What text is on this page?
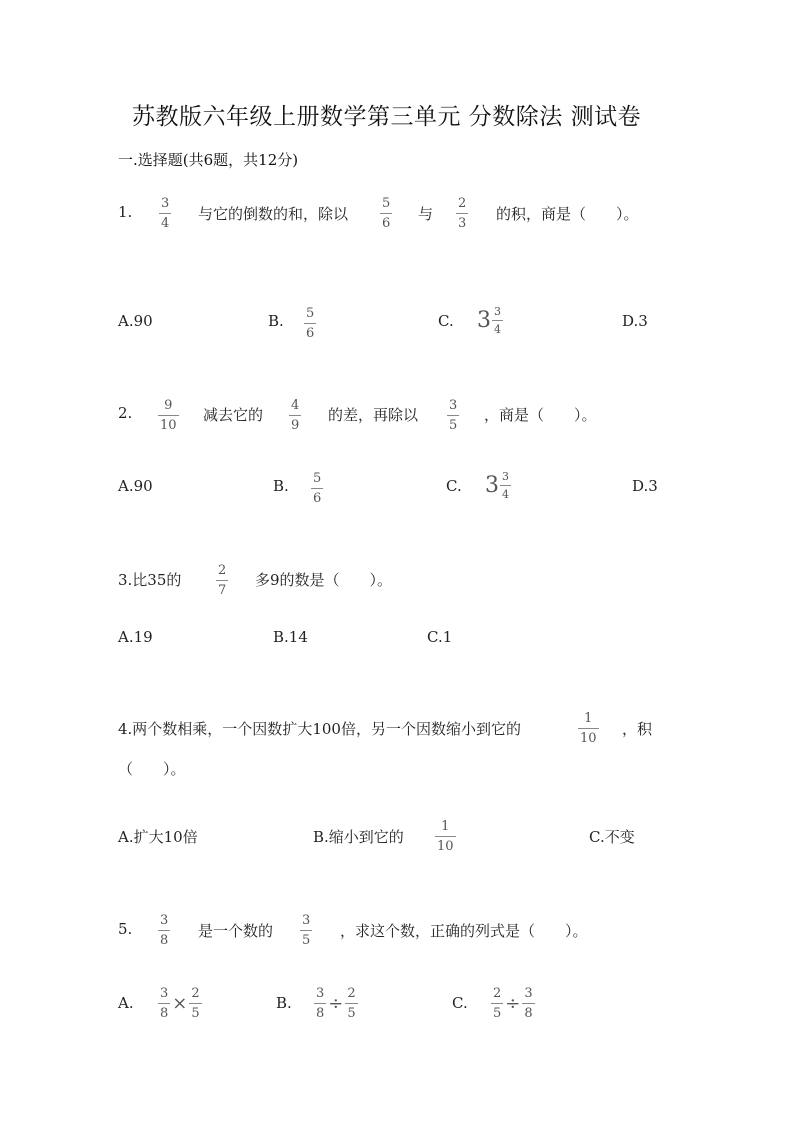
苏教版六年级上册数学第三单元 分数除法 测试卷
一.选择题(共6题，共12分)
1. 3
4
与它的倒数的和，除以
5
6
与
2
3
的积，商是（　　）。
A.90	B. 5
6
C. $3 \frac{3}{4}$	D.3
2. 9
10
减去它的
4
9
的差，再除以
3
5
，商是（　　）。
A.90	B. 5
6
C. $3 \frac{3}{4}$	D.3
3.比35的
2
7
多9的数是（　　）。
A.19	B.14	C.1
4.两个数相乘，一个因数扩大100倍，另一个因数缩小到它的
1
10
，积
（　　）。
A.扩大10倍	B.缩小到它的
1
10
C.不变
5. 3
8
是一个数的
3
5
，求这个数，正确的列式是（　　）。
A. $\frac{3}{8} \times \frac{2}{5}$	B. $\frac{3}{8} \div \frac{2}{5}$	C. $\frac{2}{5} \div \frac{3}{8}$
